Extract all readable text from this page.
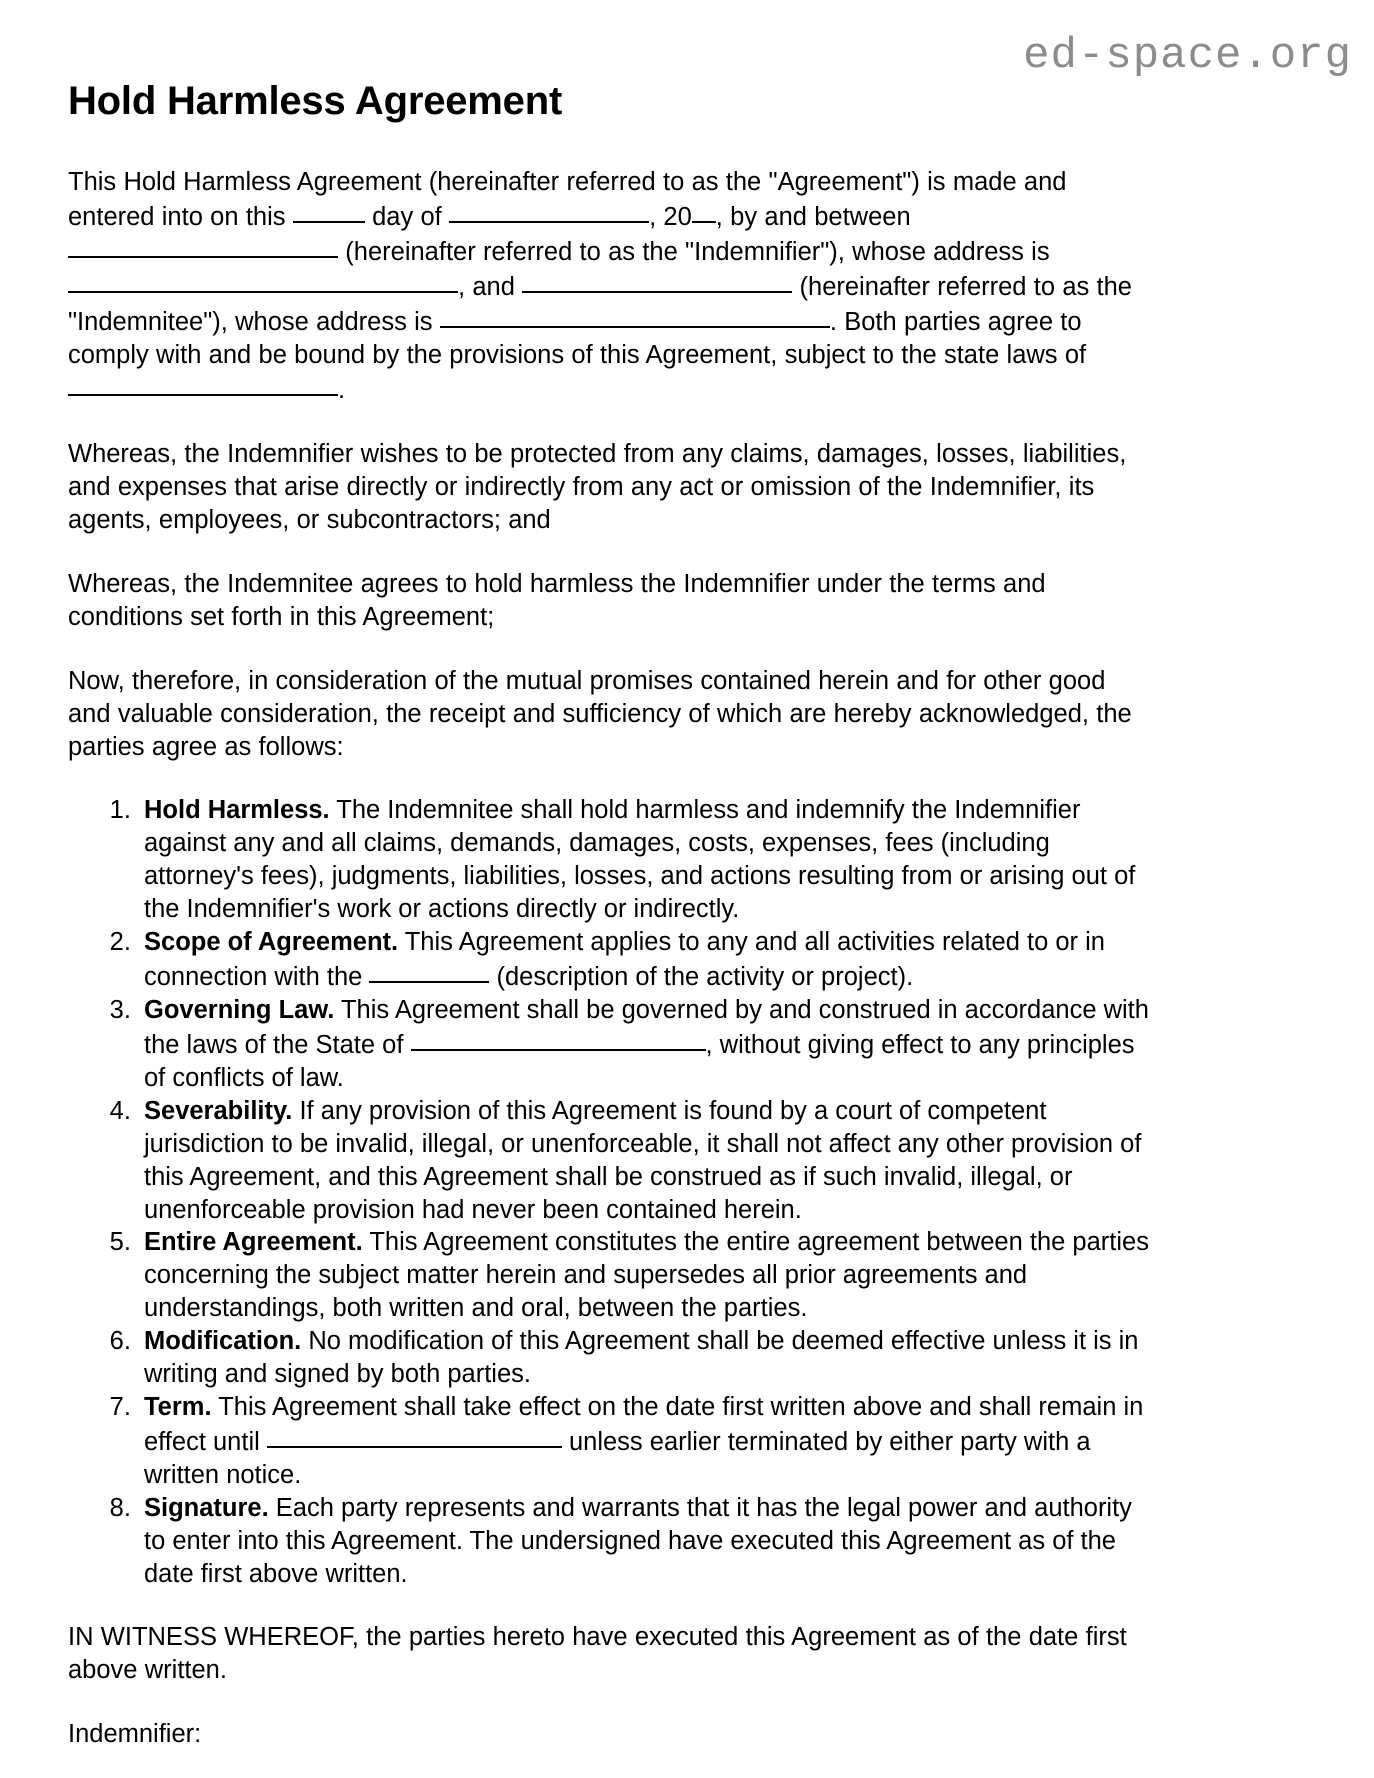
ed-space.org
Hold Harmless Agreement

This Hold Harmless Agreement (hereinafter referred to as the "Agreement") is made and entered into on this	day of	, 20 , by and between  (hereinafter referred to as the "Indemnifier"), whose address is , and	(hereinafter referred to as the "Indemnitee"), whose address is	. Both parties agree to comply with and be bound by the provisions of this Agreement, subject to the state laws of .

Whereas, the Indemnifier wishes to be protected from any claims, damages, losses, liabilities, and expenses that arise directly or indirectly from any act or omission of the Indemnifier, its agents, employees, or subcontractors; and

Whereas, the Indemnitee agrees to hold harmless the Indemnifier under the terms and conditions set forth in this Agreement;

Now, therefore, in consideration of the mutual promises contained herein and for other good and valuable consideration, the receipt and sufficiency of which are hereby acknowledged, the parties agree as follows:

1. Hold Harmless. The Indemnitee shall hold harmless and indemnify the Indemnifier against any and all claims, demands, damages, costs, expenses, fees (including attorney's fees), judgments, liabilities, losses, and actions resulting from or arising out of the Indemnifier's work or actions directly or indirectly.
2. Scope of Agreement. This Agreement applies to any and all activities related to or in connection with the	(description of the activity or project).
3. Governing Law. This Agreement shall be governed by and construed in accordance with the laws of the State of	, without giving effect to any principles of conflicts of law.
4. Severability. If any provision of this Agreement is found by a court of competent jurisdiction to be invalid, illegal, or unenforceable, it shall not affect any other provision of this Agreement, and this Agreement shall be construed as if such invalid, illegal, or unenforceable provision had never been contained herein.
5. Entire Agreement. This Agreement constitutes the entire agreement between the parties concerning the subject matter herein and supersedes all prior agreements and understandings, both written and oral, between the parties.
6. Modification. No modification of this Agreement shall be deemed effective unless it is in writing and signed by both parties.
7. Term. This Agreement shall take effect on the date first written above and shall remain in effect until	unless earlier terminated by either party with a written notice.
8. Signature. Each party represents and warrants that it has the legal power and authority to enter into this Agreement. The undersigned have executed this Agreement as of the date first above written.

IN WITNESS WHEREOF, the parties hereto have executed this Agreement as of the date first above written.

Indemnifier:
